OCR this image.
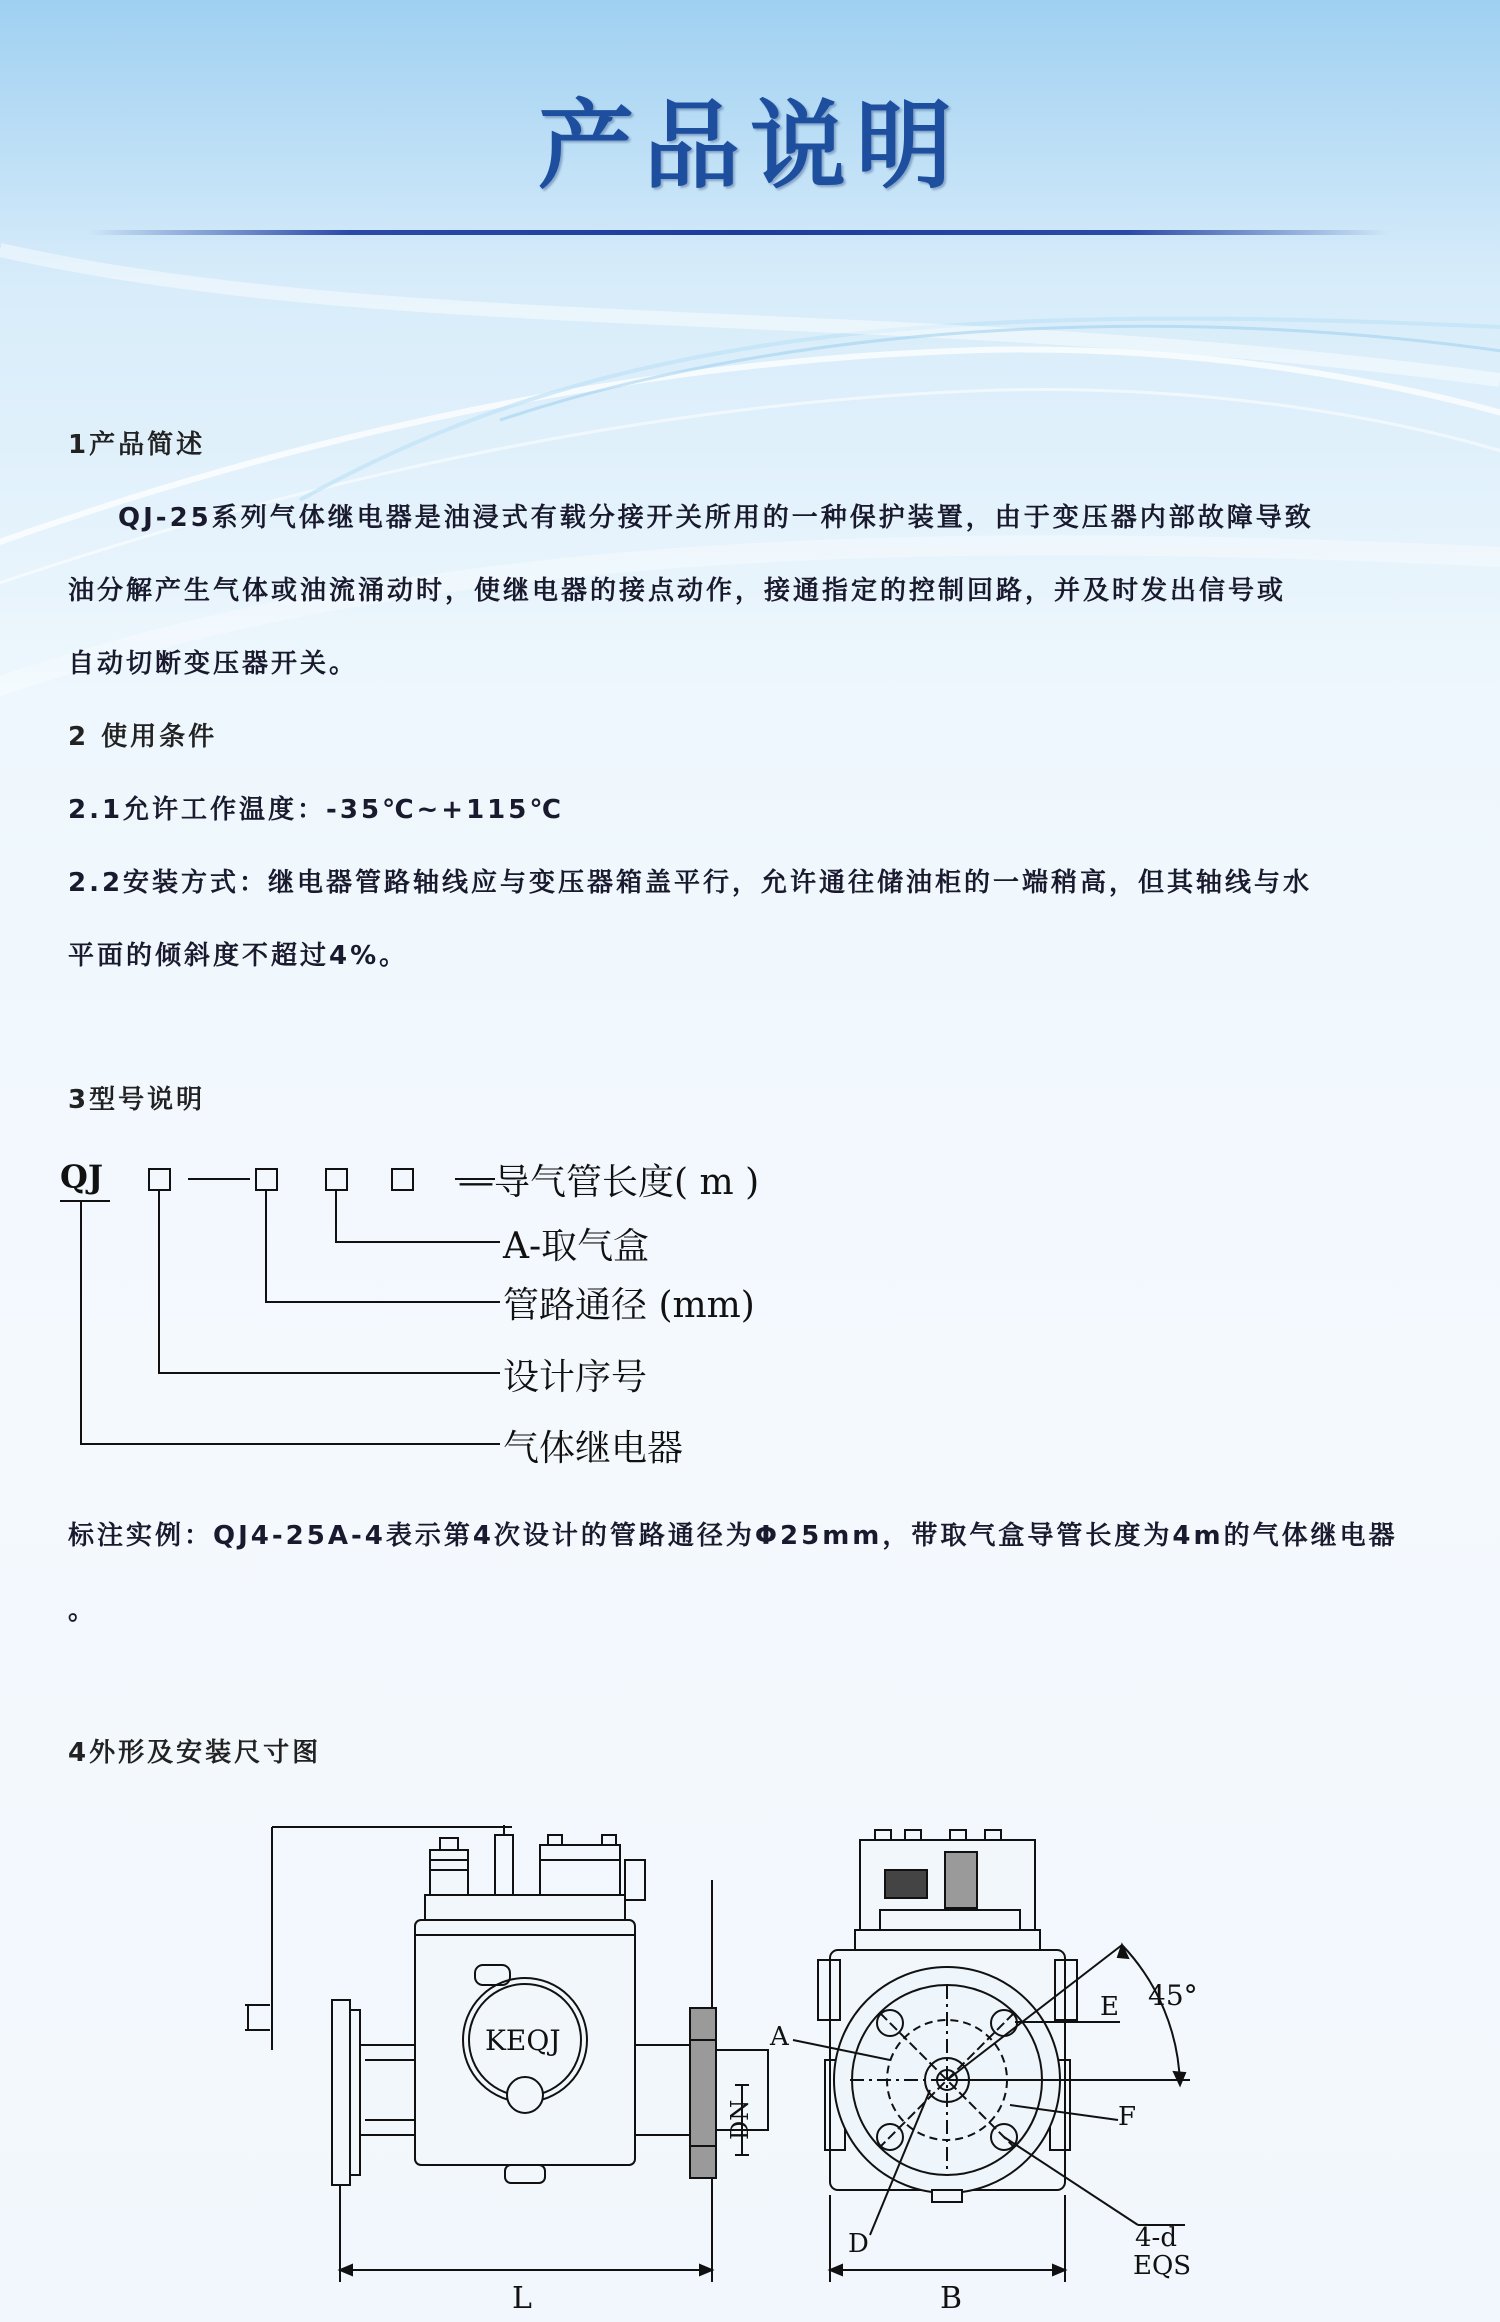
产品说明
1产品简述
QJ-25系列气体继电器是油浸式有载分接开关所用的一种保护装置，由于变压器内部故障导致
油分解产生气体或油流涌动时，使继电器的接点动作，接通指定的控制回路，并及时发出信号或
自动切断变压器开关。
2 使用条件
2.1允许工作温度：-35℃~+115℃
2.2安装方式：继电器管路轴线应与变压器箱盖平行，允许通往储油柜的一端稍高，但其轴线与水
平面的倾斜度不超过4%。
3型号说明
QJ	—导气管长度( m )
A-取气盒
管路通径 (mm)
设计序号
气体继电器
标注实例：QJ4-25A-4表示第4次设计的管路通径为Φ25mm，带取气盒导管长度为4m的气体继电器
。
4外形及安装尺寸图
KEQJ
DN
L
45°
A
E
F
4-d
EQS
D
B
